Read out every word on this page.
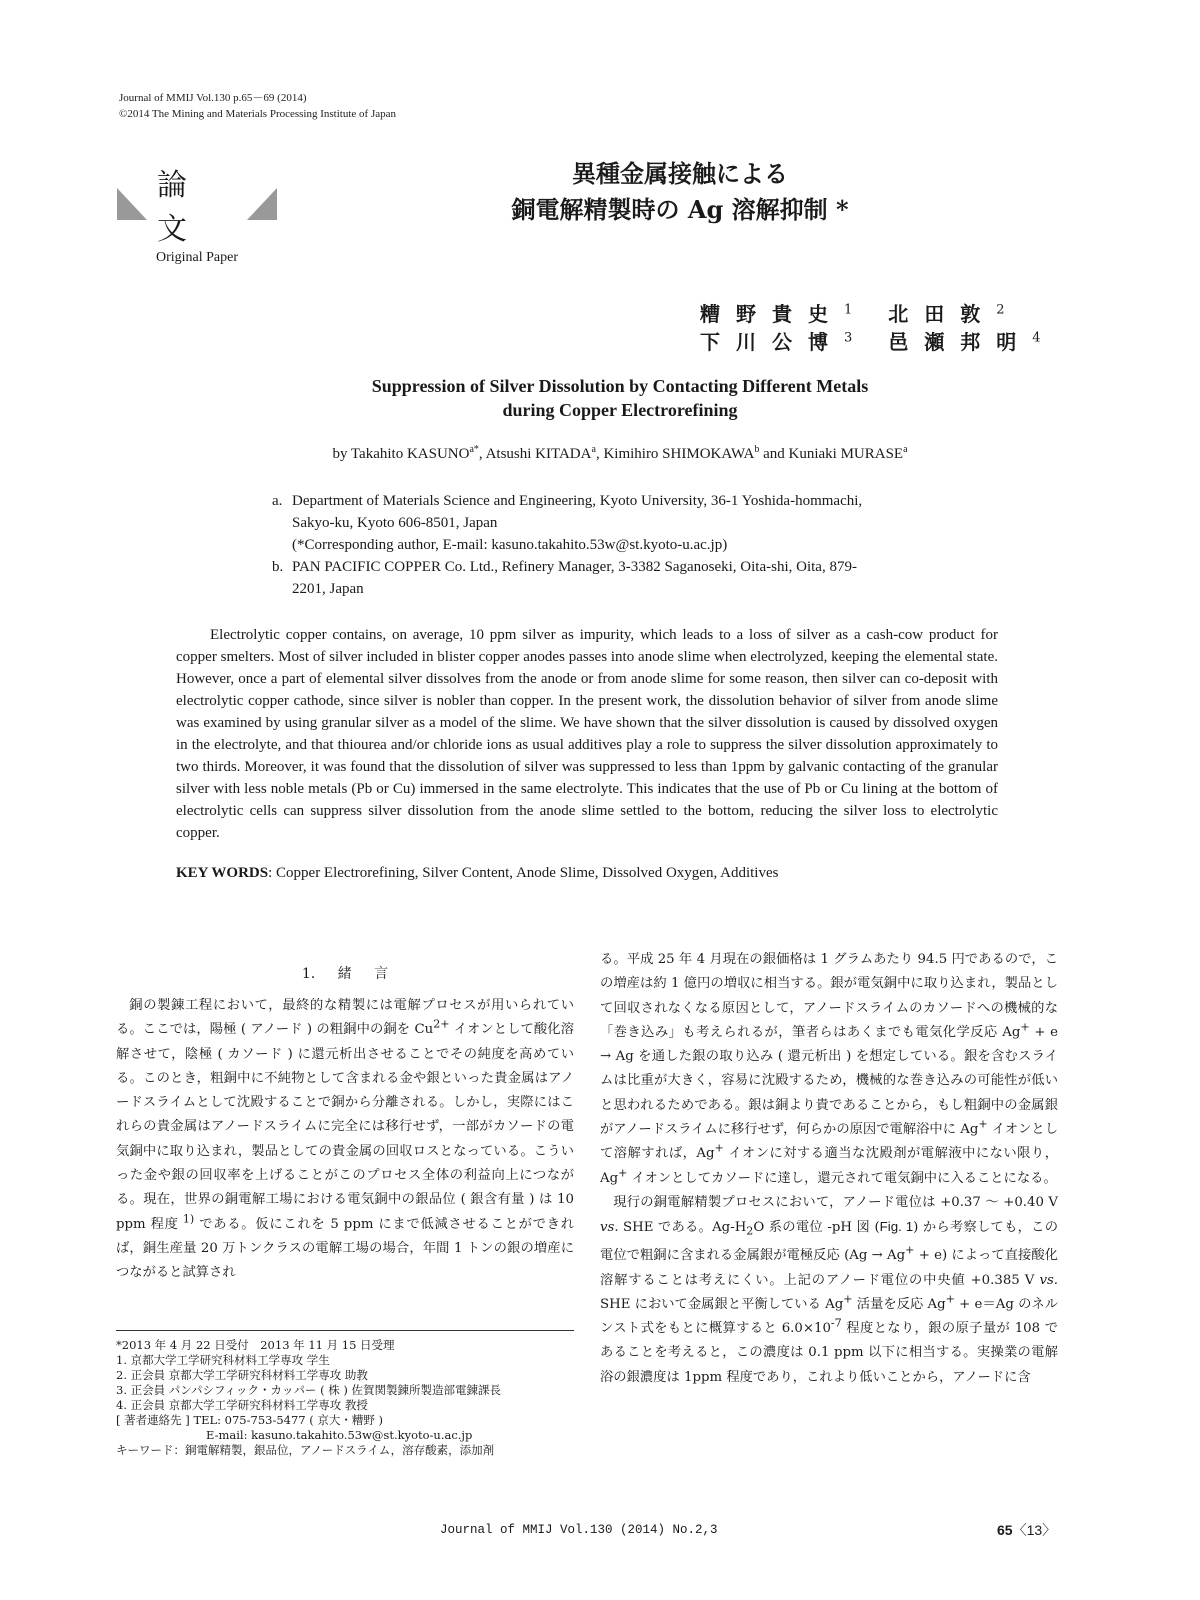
Journal of MMIJ Vol.130 p.65－69 (2014)
©2014 The Mining and Materials Processing Institute of Japan
論文
Original Paper
異種金属接触による
銅電解精製時の Ag 溶解抑制 *
糟野貴史$^1$	北田敦$^2$
下川公博$^3$	邑瀬邦明$^4$
Suppression of Silver Dissolution by Contacting Different Metals
during Copper Electrorefining
by Takahito $KASUNO^{a*}$, Atsushi KITADA$^a$, Kimihiro SHIMOKAWA$^b$ and Kuniaki MURASE$^a$
a. Department of Materials Science and Engineering, Kyoto University, 36-1 Yoshida-hommachi,
Sakyo-ku, Kyoto 606-8501, Japan
(*Corresponding author, E-mail: kasuno.takahito.53w@st.kyoto-u.ac.jp)
b. PAN PACIFIC COPPER Co. Ltd., Refinery Manager, 3-3382 Saganoseki, Oita-shi, Oita, 879-
2201, Japan
Electrolytic copper contains, on average, 10 ppm silver as impurity, which leads to a loss of silver as a cash-cow product for copper smelters. Most of silver included in blister copper anodes passes into anode slime when electrolyzed, keeping the elemental state. However, once a part of elemental silver dissolves from the anode or from anode slime for some reason, then silver can co-deposit with electrolytic copper cathode, since silver is nobler than copper. In the present work, the dissolution behavior of silver from anode slime was examined by using granular silver as a model of the slime. We have shown that the silver dissolution is caused by dissolved oxygen in the electrolyte, and that thiourea and/or chloride ions as usual additives play a role to suppress the silver dissolution approximately to two thirds. Moreover, it was found that the dissolution of silver was suppressed to less than 1ppm by galvanic contacting of the granular silver with less noble metals (Pb or Cu) immersed in the same electrolyte. This indicates that the use of Pb or Cu lining at the bottom of electrolytic cells can suppress silver dissolution from the anode slime settled to the bottom, reducing the silver loss to electrolytic copper.
KEY WORDS: Copper Electrorefining, Silver Content, Anode Slime, Dissolved Oxygen, Additives
1. 緒 言

銅の製錬工程において，最終的な精製には電解プロセスが用いられている。ここでは，陽極 ( アノード ) の粗銅中の銅を $Cu^{2+}$ イオンとして酸化溶解させて，陰極 ( カソード ) に還元析出させることでその純度を高めている。このとき，粗銅中に不純物として含まれる金や銀といった貴金属はアノードスライムとして沈殿することで銅から分離される。しかし，実際にはこれらの貴金属はアノードスライムに完全には移行せず，一部がカソードの電気銅中に取り込まれ，製品としての貴金属の回収ロスとなっている。こういった金や銀の回収率を上げることがこのプロセス全体の利益向上につながる。現在，世界の銅電解工場における電気銅中の銀品位 ( 銀含有量 ) は 10 ppm 程度 $^{1)}$ である。仮にこれを 5 ppm にまで低減させることができれば，銅生産量 20 万トンクラスの電解工場の場合，年間 1 トンの銀の増産につながると試算され

る。平成 25 年 4 月現在の銀価格は 1 グラムあたり 94.5 円であるので，この増産は約 1 億円の増収に相当する。銀が電気銅中に取り込まれ，製品として回収されなくなる原因として，アノードスライムのカソードへの機械的な「巻き込み」も考えられるが，筆者らはあくまでも電気化学反応 Ag+ + e → Ag を通した銀の取り込み ( 還元析出 ) を想定している。銀を含むスライムは比重が大きく，容易に沈殿するため，機械的な巻き込みの可能性が低いと思われるためである。銀は銅より貴であることから，もし粗銅中の金属銀がアノードスライムに移行せず，何らかの原因で電解浴中に Ag+ イオンとして溶解すれば，Ag+ イオンに対する適当な沈殿剤が電解液中にない限り，Ag+ イオンとしてカソードに達し，還元されて電気銅中に入ることになる。

現行の銅電解精製プロセスにおいて，アノード電位は +0.37 ～ +0.40 V vs. SHE である。$Ag-H_2O$ 系の電位 -pH 図 (Fig. 1) から考察しても，この電位で粗銅に含まれる金属銀が電極反応 (Ag → Ag+ + e) によって直接酸化溶解することは考えにくい。上記のアノード電位の中央値 +0.385 V vs. SHE において金属銀と平衡している Ag+ 活量を反応 Ag+ + e＝Ag のネルンスト式をもとに概算すると $6.0\times 10^{-7}$ 程度となり，銀の原子量が 108 であることを考えると，この濃度は 0.1 ppm 以下に相当する。実操業の電解浴の銀濃度は 1ppm 程度であり，これより低いことから，アノードに含

*2013 年 4 月 22 日受付　2013 年 11 月 15 日受理
1. 京都大学工学研究科材料工学専攻 学生
2. 正会員 京都大学工学研究科材料工学専攻 助教
3. 正会員 パンパシフィック・カッパー ( 株 ) 佐賀関製錬所製造部電錬課長
4. 正会員 京都大学工学研究科材料工学専攻 教授
[ 著者連絡先 ] TEL: 075-753-5477 ( 京大・糟野 )
E-mail: kasuno.takahito.53w@st.kyoto-u.ac.jp
キーワード：銅電解精製，銀品位，アノードスライム，溶存酸素，添加剤
Journal of MMIJ Vol.130 (2014) No.2,3	65〈13〉
